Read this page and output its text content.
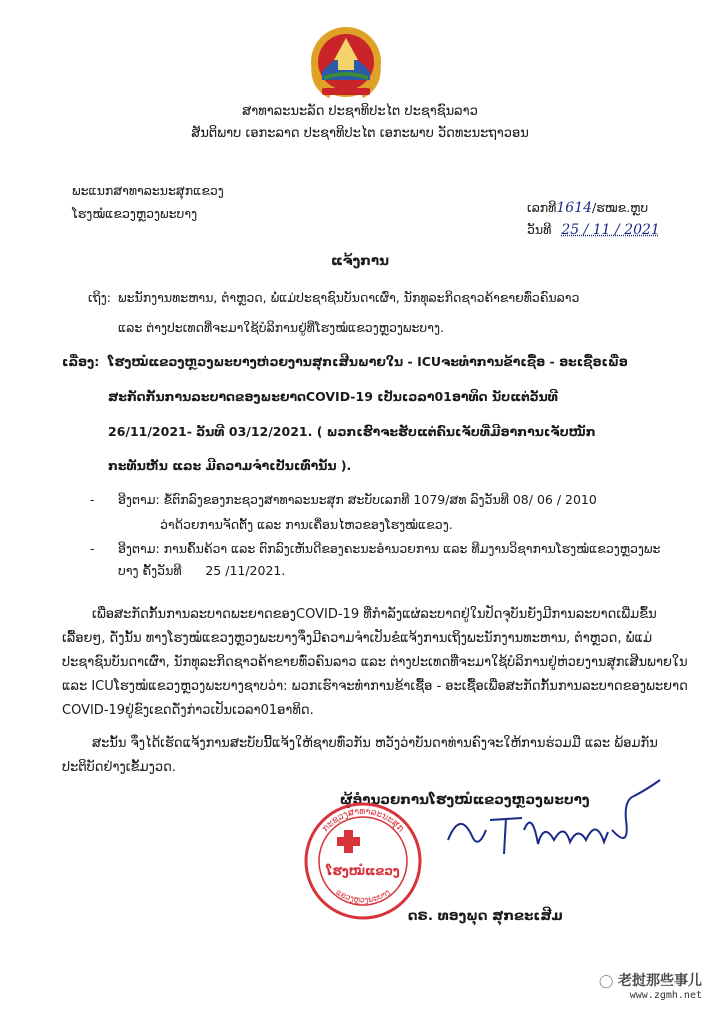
ສາທາລະນະລັດ ປະຊາທິປະໄຕ ປະຊາຊົນລາວ
ສັນຕິພາບ ເອກະລາດ ປະຊາທິປະໄຕ ເອກະພາບ ວັດທະນະຖາວອນ
ພະແນກສາທາລະນະສຸກແຂວງ
ໂຮງໝໍແຂວງຫຼວງພະບາງ	ເລກທີ1614/ຮໝຂ.ຫຼບ
ວັນທີ 25 / 11 / 2021
ແຈ້ງການ
ເຖິງ: ພະນັກງານທະຫານ, ຕຳຫຼວດ, ພໍ່ແມ່ປະຊາຊົນບັນດາເຜົ່າ, ນັກທຸລະກິດຊາວຄ້າຂາຍທົ່ວຄົນລາວ
ແລະ ຕ່າງປະເທດທີ່ຈະມາໃຊ້ບໍລິການຢູ່ທີ່ໂຮງໝໍແຂວງຫຼວງພະບາງ.
ເລື່ອງ: ໂຮງໝໍແຂວງຫຼວງພະບາງຫ່ວຍງານສຸກເສີນພາຍໃນ - ICUຈະທຳການຂ້າເຊື້ອ - ອະເຊື້ອເພື່ອ
ສະກັດກັ້ນການລະບາດຂອງພະຍາດCOVID-19 ເປັນເວລາ01ອາທິດ ນັບແຕ່ວັນທີ
26/11/2021- ວັນທີ 03/12/2021. ( ພວກເຮົາຈະຮັບແຕ່ຄົນເຈັບທີ່ມີອາການເຈັບໜັກ
ກະທັນຫັນ ແລະ ມີຄວາມຈຳເປັນເທົ່ານັ້ນ ).
- ອີງຕາມ: ຂໍ້ຕົກລົງຂອງກະຊວງສາທາລະນະສຸກ ສະບັບເລກທີ 1079/ສທ ລົງວັນທີ 08/ 06 / 2010
ວ່າດ້ວຍການຈັດຕັ້ງ ແລະ ການເຄື່ອນໄຫວຂອງໂຮງໝໍແຂວງ.
- ອີງຕາມ: ການຄົ້ນຄ້ວາ ແລະ ຕົກລົງເຫັນດີຂອງຄະນະອຳນວຍການ ແລະ ທີມງານວິຊາການໂຮງໝໍແຂວງຫຼວງພະ
ບາງ ຄັ້ງວັນທີ      25 /11/2021.
ເພື່ອສະກັດກັ້ນການລະບາດພະຍາດຂອງCOVID-19 ທີ່ກຳລັງແຜ່ລະບາດຢູ່ໃນປັດຈຸບັນຍັງມີການລະບາດເພີ່ມຂຶ້ນ
ເລື້ອຍໆ, ດັ່ງນັ້ນ ທາງໂຮງໝໍແຂວງຫຼວງພະບາງຈຶ່ງມີຄວາມຈຳເປັນຂໍແຈ້ງການເຖິງພະນັກງານທະຫານ, ຕຳຫຼວດ, ພໍ່ແມ່
ປະຊາຊົນບັນດາເຜົ່າ, ນັກທຸລະກິດຊາວຄ້າຂາຍທົ່ວຄົນລາວ ແລະ ຕ່າງປະເທດທີ່ຈະມາໃຊ້ບໍລິການຢູ່ຫ່ວຍງານສຸກເສີນພາຍໃນ
ແລະ ICUໂຮງໝໍແຂວງຫຼວງພະບາງຊາບວ່າ: ພວກເຮົາຈະທຳການຂ້າເຊື້ອ - ອະເຊື້ອເພື່ອສະກັດກັ້ນການລະບາດຂອງພະຍາດ
COVID-19ຢູ່ຂົງເຂດດັ່ງກ່າວເປັນເວລາ01ອາທິດ.
ສະນັ້ນ ຈຶ່ງໄດ້ເຮັດແຈ້ງການສະບັບນີ້ແຈ້ງໃຫ້ຊາບທົ່ວກັນ ຫວັງວ່າບັນດາທ່ານຄົງຈະໃຫ້ການຮ່ວມມື ແລະ ພ້ອມກັນ
ປະຕິບັດຢ່າງເຂັ້ມງວດ.
ຜູ້ອຳນວຍການໂຮງໝໍແຂວງຫຼວງພະບາງ
ກະຊວງສາທາລະນະສຸກ
ໂຮງໝໍແຂວງ
ແຂວງຫຼວງພະບາງ
ດຣ. ທອງພຸດ ສຸກຂະເສີມ
◯ 老挝那些事儿
www.zgmh.net
